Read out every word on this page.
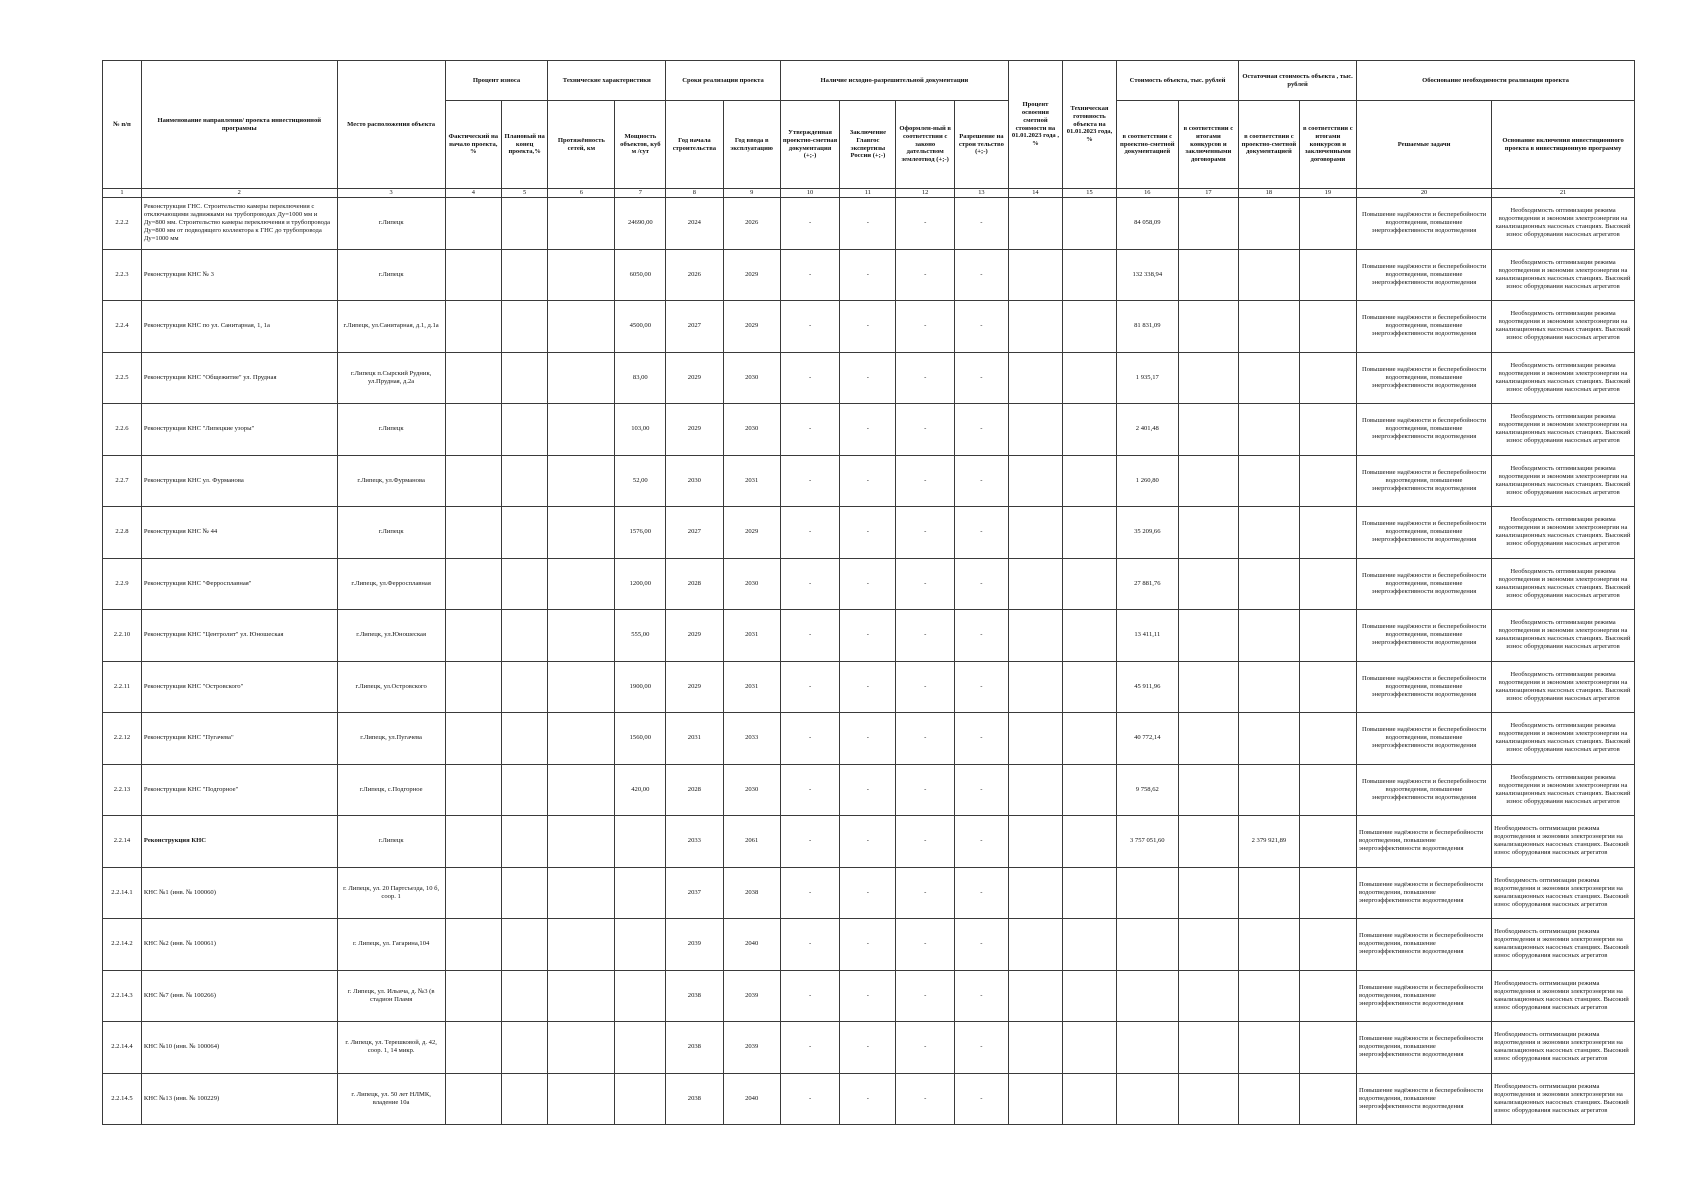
№ п/п	Наименование направления/ проекта инвестиционной программы	Место расположения объекта	Процент износа		Технические характеристики		Сроки реализации проекта		Наличие исходно-разрешительной документации				Процент освоения сметной стоимости на 01.01.2023 года , %	Техническая готовность объекта на 01.01.2023 года, %	Стоимость объекта, тыс. рублей		Остаточная стоимость объекта , тыс. рублей		Обоснование необходимости реализации проекта	
			Фактический на начало проекта, %	Плановый на конец проекта,%	Протяжённость сетей, км	Мощность объектов, куб м /сут	Год начала строительства	Год ввода в эксплуатацию	Утвержденная проектно-сметная документация (+;-)	Заключение Главгос экспертизы России (+;-)	Оформлен-ный в соответствии с законо дательством землеотвод (+;-)	Разрешение на строи тельство (+;-)			в соответствии с проектно-сметной документацией	в соответствии с итогами конкурсов и заключенными договорами	в соответствии с проектно-сметной документацией	в соответствии с итогами конкурсов и заключенными договорами	Решаемые задачи	Основание включения инвестиционного проекта в инвестиционную программу
1	2	3	4	5	6	7	8	9	10	11	12	13	14	15	16	17	18	19	20	21
2.2.2	Реконструкция ГНС. Строительство камеры переключения с отключающими задвижками на трубопроводах Ду=1000 мм и Ду=800 мм. Строительство камеры переключения и трубопровода Ду=800 мм от подводящего коллектора к ГНС до трубопровода Ду=1000 мм	г.Липецк				24690,00	2024	2026	-	-	-	-			84 058,09				Повышение надёжности и бесперебойности водоотведения, повышение энергоэффективности водоотведения	Необходимость оптимизации режима водоотведения и экономии электроэнергии на канализационных насосных станциях. Высокий износ оборудования насосных агрегатов
2.2.3	Реконструкция КНС № 3	г.Липецк				6050,00	2026	2029	-	-	-	-			132 338,94				Повышение надёжности и бесперебойности водоотведения, повышение энергоэффективности водоотведения	Необходимость оптимизации режима водоотведения и экономии электроэнергии на канализационных насосных станциях. Высокий износ оборудования насосных агрегатов
2.2.4	Реконструкция КНС по ул. Санитарная, 1, 1а	г.Липецк, ул.Санитарная, д.1, д.1а				4500,00	2027	2029	-	-	-	-			81 831,09				Повышение надёжности и бесперебойности водоотведения, повышение энергоэффективности водоотведения	Необходимость оптимизации режима водоотведения и экономии электроэнергии на канализационных насосных станциях. Высокий износ оборудования насосных агрегатов
2.2.5	Реконструкция КНС "Общежитие" ул. Прудная	г.Липецк п.Сырский Рудник, ул.Прудная, д.2а				83,00	2029	2030	-	-	-	-			1 935,17				Повышение надёжности и бесперебойности водоотведения, повышение энергоэффективности водоотведения	Необходимость оптимизации режима водоотведения и экономии электроэнергии на канализационных насосных станциях. Высокий износ оборудования насосных агрегатов
2.2.6	Реконструкция КНС "Липецкие узоры"	г.Липецк				103,00	2029	2030	-	-	-	-			2 401,48				Повышение надёжности и бесперебойности водоотведения, повышение энергоэффективности водоотведения	Необходимость оптимизации режима водоотведения и экономии электроэнергии на канализационных насосных станциях. Высокий износ оборудования насосных агрегатов
2.2.7	Реконструкция КНС ул. Фурманова	г.Липецк, ул.Фурманова				52,00	2030	2031	-	-	-	-			1 260,80				Повышение надёжности и бесперебойности водоотведения, повышение энергоэффективности водоотведения	Необходимость оптимизации режима водоотведения и экономии электроэнергии на канализационных насосных станциях. Высокий износ оборудования насосных агрегатов
2.2.8	Реконструкция КНС № 44	г.Липецк				1576,00	2027	2029	-	-	-	-			35 209,66				Повышение надёжности и бесперебойности водоотведения, повышение энергоэффективности водоотведения	Необходимость оптимизации режима водоотведения и экономии электроэнергии на канализационных насосных станциях. Высокий износ оборудования насосных агрегатов
2.2.9	Реконструкция КНС "Ферросплавная"	г.Липецк, ул.Ферросплавная				1200,00	2028	2030	-	-	-	-			27 881,76				Повышение надёжности и бесперебойности водоотведения, повышение энергоэффективности водоотведения	Необходимость оптимизации режима водоотведения и экономии электроэнергии на канализационных насосных станциях. Высокий износ оборудования насосных агрегатов
2.2.10	Реконструкция КНС "Центролит" ул. Юношеская	г.Липецк, ул.Юношеская				555,00	2029	2031	-	-	-	-			13 411,11				Повышение надёжности и бесперебойности водоотведения, повышение энергоэффективности водоотведения	Необходимость оптимизации режима водоотведения и экономии электроэнергии на канализационных насосных станциях. Высокий износ оборудования насосных агрегатов
2.2.11	Реконструкция КНС "Островского"	г.Липецк, ул.Островского				1900,00	2029	2031	-	-	-	-			45 911,96				Повышение надёжности и бесперебойности водоотведения, повышение энергоэффективности водоотведения	Необходимость оптимизации режима водоотведения и экономии электроэнергии на канализационных насосных станциях. Высокий износ оборудования насосных агрегатов
2.2.12	Реконструкция КНС "Пугачева"	г.Липецк, ул.Пугачева				1560,00	2031	2033	-	-	-	-			40 772,14				Повышение надёжности и бесперебойности водоотведения, повышение энергоэффективности водоотведения	Необходимость оптимизации режима водоотведения и экономии электроэнергии на канализационных насосных станциях. Высокий износ оборудования насосных агрегатов
2.2.13	Реконструкция КНС "Подгорное"	г.Липецк, с.Подгорное				420,00	2028	2030	-	-	-	-			9 758,62				Повышение надёжности и бесперебойности водоотведения, повышение энергоэффективности водоотведения	Необходимость оптимизации режима водоотведения и экономии электроэнергии на канализационных насосных станциях. Высокий износ оборудования насосных агрегатов
2.2.14	Реконструкция КНС	г.Липецк					2033	2061	-	-	-	-			3 757 051,60		2 379 921,89		Повышение надёжности и бесперебойности водоотведения, повышение энергоэффективности водоотведения	Необходимость оптимизации режима водоотведения и экономии электроэнергии на канализационных насосных станциях. Высокий износ оборудования насосных агрегатов
2.2.14.1	КНС №1 (инв. № 100060)	г. Липецк, ул. 20 Партсъезда, 10 б, соор. 1					2037	2038	-	-	-	-							Повышение надёжности и бесперебойности водоотведения, повышение энергоэффективности водоотведения	Необходимость оптимизации режима водоотведения и экономии электроэнергии на канализационных насосных станциях. Высокий износ оборудования насосных агрегатов
2.2.14.2	КНС №2 (инв. № 100061)	г. Липецк, ул. Гагарина,104					2039	2040	-	-	-	-							Повышение надёжности и бесперебойности водоотведения, повышение энергоэффективности водоотведения	Необходимость оптимизации режима водоотведения и экономии электроэнергии на канализационных насосных станциях. Высокий износ оборудования насосных агрегатов
2.2.14.3	КНС №7 (инв. № 100266)	г. Липецк, ул. Ильича, д. №3 (в стадион Пламя					2038	2039	-	-	-	-							Повышение надёжности и бесперебойности водоотведения, повышение энергоэффективности водоотведения	Необходимость оптимизации режима водоотведения и экономии электроэнергии на канализационных насосных станциях. Высокий износ оборудования насосных агрегатов
2.2.14.4	КНС №10 (инв. № 100064)	г. Липецк, ул. Терешковой, д. 42, соор. 1, 14 микр.					2038	2039	-	-	-	-							Повышение надёжности и бесперебойности водоотведения, повышение энергоэффективности водоотведения	Необходимость оптимизации режима водоотведения и экономии электроэнергии на канализационных насосных станциях. Высокий износ оборудования насосных агрегатов
2.2.14.5	КНС №13 (инв. № 100229)	г. Липецк, ул. 50 лет НЛМК, владение 10а					2038	2040	-	-	-	-							Повышение надёжности и бесперебойности водоотведения, повышение энергоэффективности водоотведения	Необходимость оптимизации режима водоотведения и экономии электроэнергии на канализационных насосных станциях. Высокий износ оборудования насосных агрегатов
